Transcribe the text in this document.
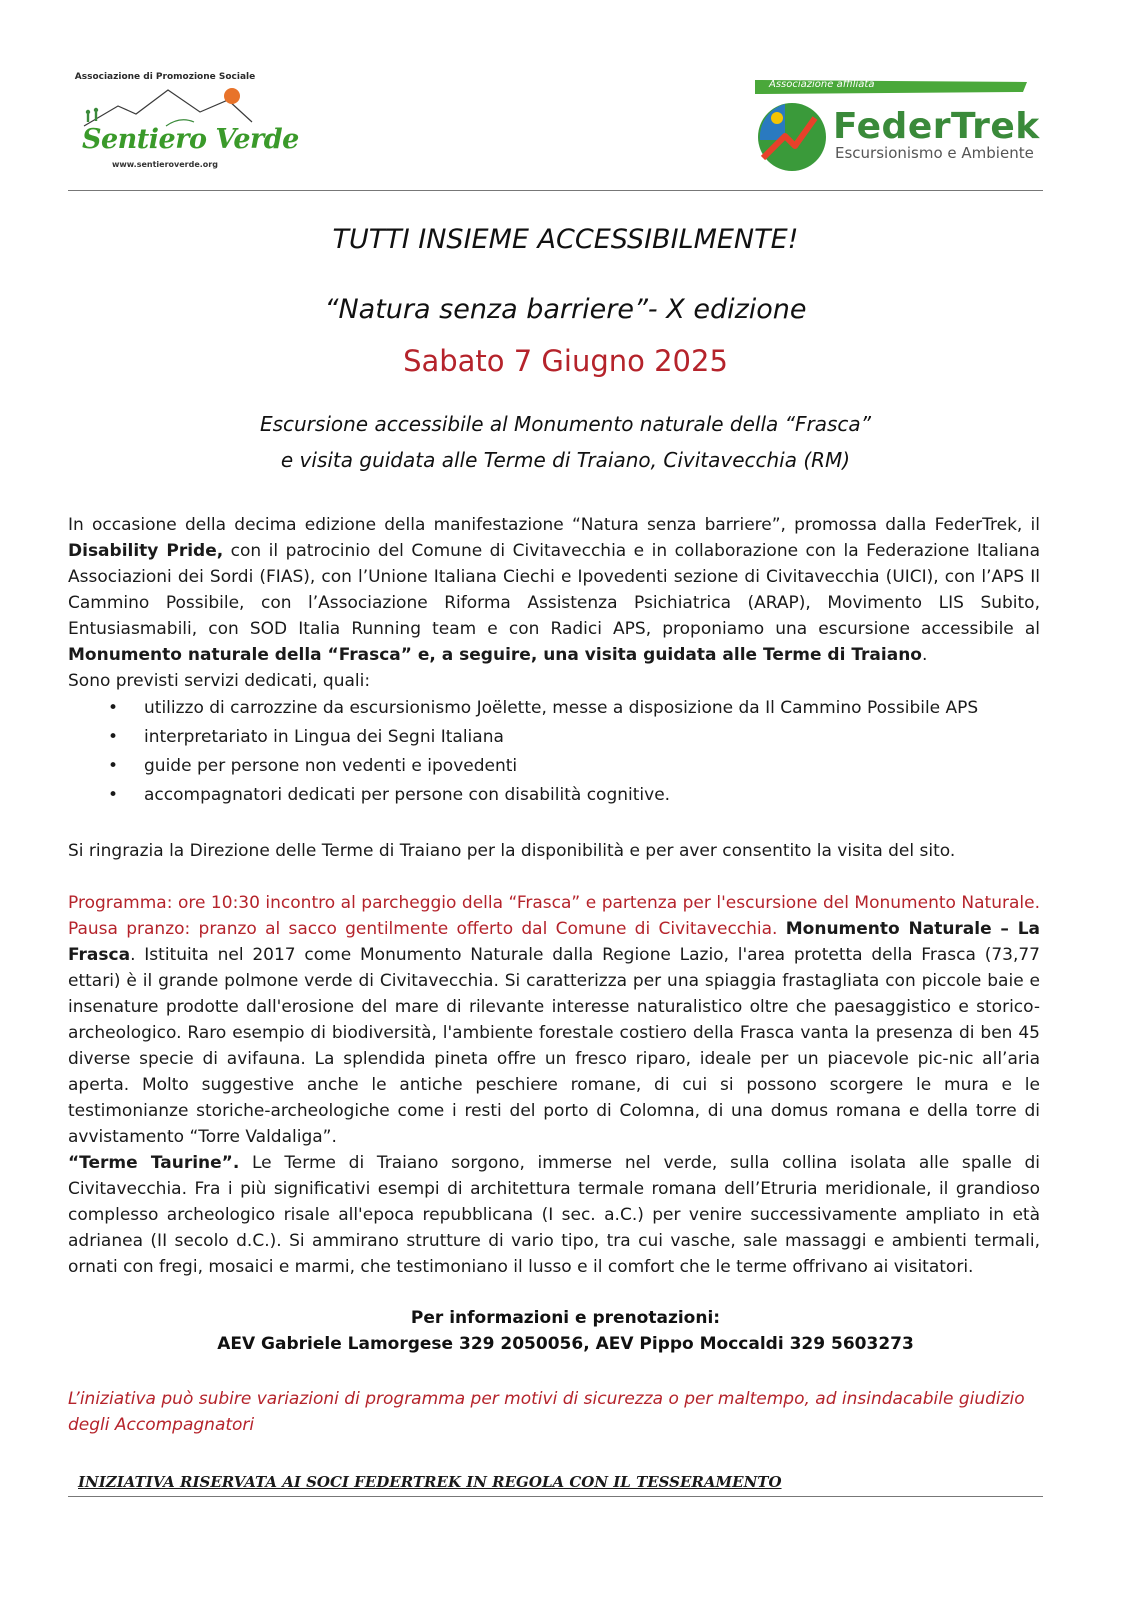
Associazione di Promozione Sociale
Sentiero Verde
www.sentieroverde.org
Associazione affiliata
FederTrek
Escursionismo e Ambiente
TUTTI INSIEME ACCESSIBILMENTE!
“Natura senza barriere”- X edizione
Sabato 7 Giugno 2025
Escursione accessibile al Monumento naturale della “Frasca”
e visita guidata alle Terme di Traiano, Civitavecchia (RM)
In occasione della decima edizione della manifestazione “Natura senza barriere”, promossa dalla FederTrek, il Disability Pride, con il patrocinio del Comune di Civitavecchia e in collaborazione con la Federazione Italiana Associazioni dei Sordi (FIAS), con l’Unione Italiana Ciechi e Ipovedenti sezione di Civitavecchia (UICI), con l’APS Il Cammino Possibile, con l’Associazione Riforma Assistenza Psichiatrica (ARAP), Movimento LIS Subito, Entusiasmabili, con SOD Italia Running team e con Radici APS, proponiamo una escursione accessibile al Monumento naturale della “Frasca” e, a seguire, una visita guidata alle Terme di Traiano.
Sono previsti servizi dedicati, quali:
• utilizzo di carrozzine da escursionismo Joëlette, messe a disposizione da Il Cammino Possibile APS
• interpretariato in Lingua dei Segni Italiana
• guide per persone non vedenti e ipovedenti
• accompagnatori dedicati per persone con disabilità cognitive.
Si ringrazia la Direzione delle Terme di Traiano per la disponibilità e per aver consentito la visita del sito.
Programma: ore 10:30 incontro al parcheggio della “Frasca” e partenza per l'escursione del Monumento Naturale. Pausa pranzo: pranzo al sacco gentilmente offerto dal Comune di Civitavecchia. Monumento Naturale – La Frasca. Istituita nel 2017 come Monumento Naturale dalla Regione Lazio, l'area protetta della Frasca (73,77 ettari) è il grande polmone verde di Civitavecchia. Si caratterizza per una spiaggia frastagliata con piccole baie e insenature prodotte dall'erosione del mare di rilevante interesse naturalistico oltre che paesaggistico e storico-archeologico. Raro esempio di biodiversità, l'ambiente forestale costiero della Frasca vanta la presenza di ben 45 diverse specie di avifauna. La splendida pineta offre un fresco riparo, ideale per un piacevole pic-nic all’aria aperta. Molto suggestive anche le antiche peschiere romane, di cui si possono scorgere le mura e le testimonianze storiche-archeologiche come i resti del porto di Colomna, di una domus romana e della torre di avvistamento “Torre Valdaliga”.
“Terme Taurine”. Le Terme di Traiano sorgono, immerse nel verde, sulla collina isolata alle spalle di Civitavecchia. Fra i più significativi esempi di architettura termale romana dell’Etruria meridionale, il grandioso complesso archeologico risale all'epoca repubblicana (I sec. a.C.) per venire successivamente ampliato in età adrianea (II secolo d.C.). Si ammirano strutture di vario tipo, tra cui vasche, sale massaggi e ambienti termali, ornati con fregi, mosaici e marmi, che testimoniano il lusso e il comfort che le terme offrivano ai visitatori.
Per informazioni e prenotazioni:
AEV Gabriele Lamorgese 329 2050056, AEV Pippo Moccaldi 329 5603273
L’iniziativa può subire variazioni di programma per motivi di sicurezza o per maltempo, ad insindacabile giudizio degli Accompagnatori
INIZIATIVA RISERVATA AI SOCI FEDERTREK IN REGOLA CON IL TESSERAMENTO
